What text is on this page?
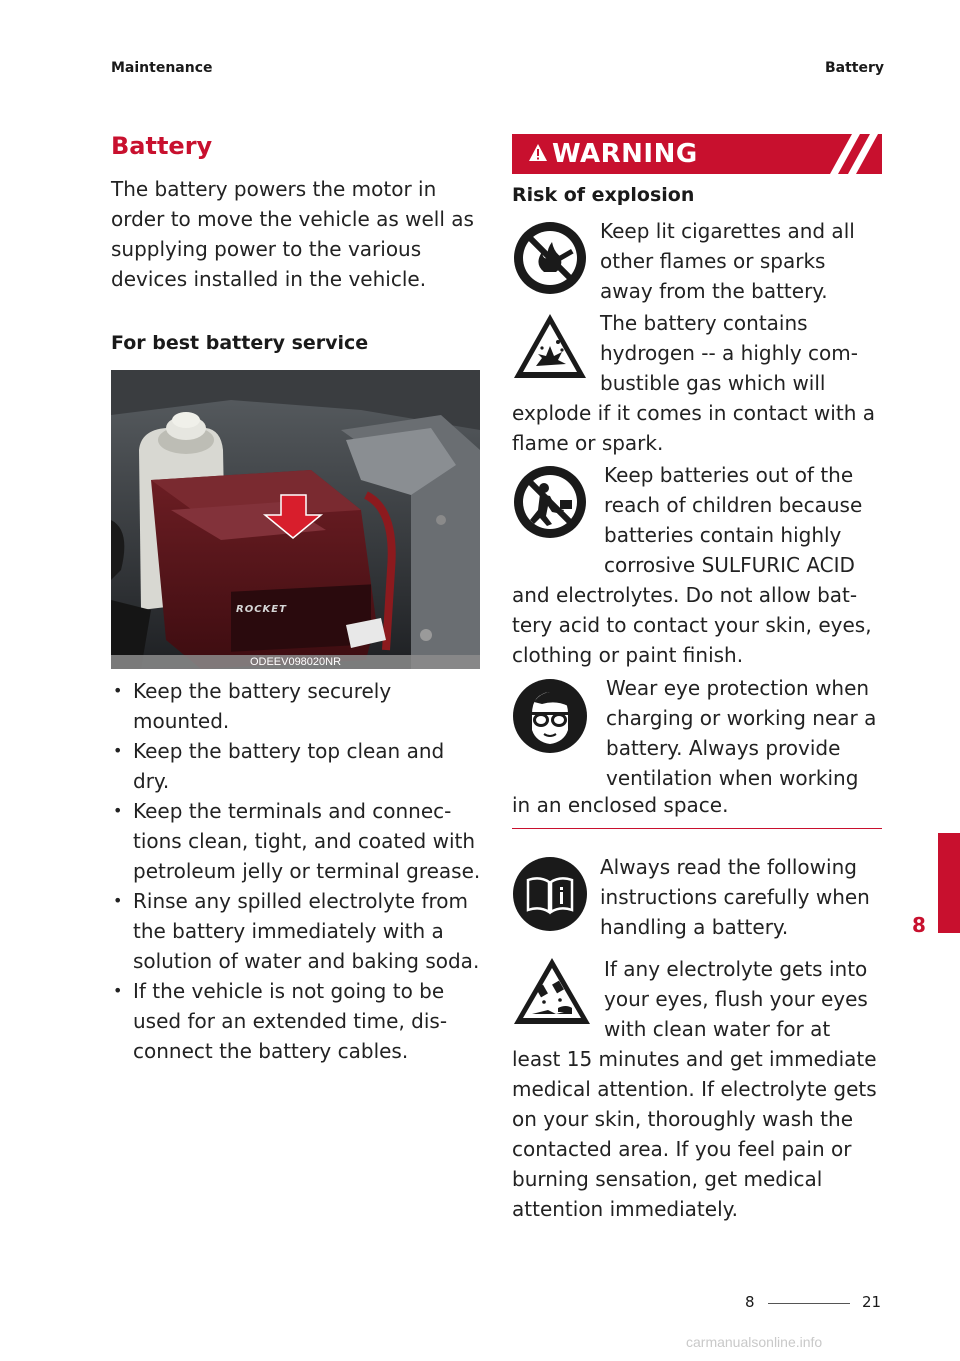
Maintenance	Battery
Battery

The battery powers the motor in order to move the vehicle as well as supplying power to the various devices installed in the vehicle.

For best battery service
ROCKET
ODEEV098020NR
• Keep the battery securely mounted.
• Keep the battery top clean and dry.
• Keep the terminals and connec-tions clean, tight, and coated with petroleum jelly or terminal grease.
• Rinse any spilled electrolyte from the battery immediately with a solution of water and baking soda.
• If the vehicle is not going to be used for an extended time, dis-connect the battery cables.
WARNING
Risk of explosion
Keep lit cigarettes and all
other flames or sparks
away from the battery.
The battery contains
hydrogen -- a highly com-
bustible gas which will
explode if it comes in contact with a
flame or spark.
Keep batteries out of the
reach of children because
batteries contain highly
corrosive SULFURIC ACID
and electrolytes. Do not allow bat-
tery acid to contact your skin, eyes,
clothing or paint finish.
Wear eye protection when
charging or working near a
battery. Always provide
ventilation when working
in an enclosed space.
Always read the following
instructions carefully when
handling a battery.
If any electrolyte gets into
your eyes, flush your eyes
with clean water for at
least 15 minutes and get immediate
medical attention. If electrolyte gets
on your skin, thoroughly wash the
contacted area. If you feel pain or
burning sensation, get medical
attention immediately.
8
8	21
carmanualsonline.info
